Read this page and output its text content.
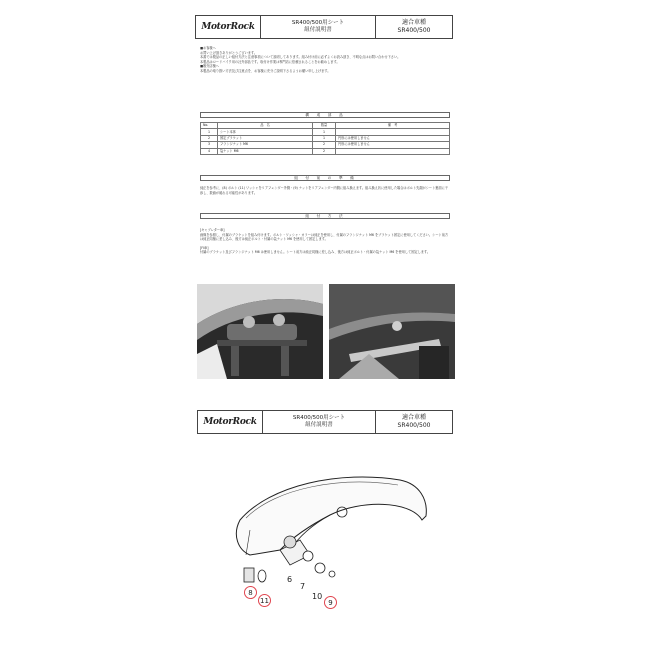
MotorRock	SR400/500用シート
組付説明書
適合車種
SR400/500
■お客様へ
お買い上げ頂きありがとうございます。
本書では製品の正しい組付方法と注意事項について説明してあります。組み付け前に必ずよくお読み頂き、不明な点はお問い合わせ下さい。
本製品はロードバイク用の社外部品です。取付け作業は専門店に依頼されることをお勧めします。
■販売店様へ
本製品の取り扱い方法及び注意点を、お客様に充分ご説明下さるようお願い申し上げます。
構　成　部　品
No.	品　名	数量	備　考
1	シート本体	1	
2	固定ブラケット	1	円形には使用しません
3	フランジナット M6	2	円形には使用しません
4	袋ナット M6	2	
組　付　前　の　準　備
純正を参考に、(8) ボルト (11) ワッシャをリアフェンダー外側・(9) ナットをリアフェンダー内側に組み換えます。組み換え状に使用した場合はボルト先端がシート裏面に干渉し、数値が破れる可能性があります。
組　付　方　法
[キャブレター車]
画像を参照し、付属のブラケットを組み付けます。ボルト・ワッシャ・カラーは純正を使用し、付属のフランジナット M6 をブラケット固定に使用してください。シート前方は純正同様に差し込み、後方は純正ボルト・付属の袋ナット M6 を使用して固定します。
[FI車]
付属のブラケット及びフランジナット M6 は使用しません。シート前方は純正同様に差し込み、後方は純正ボルト・付属の袋ナット M6 を使用して固定します。
MotorRock	SR400/500用シート
組付説明書
適合車種
SR400/500
6
7
10
8
11	9
